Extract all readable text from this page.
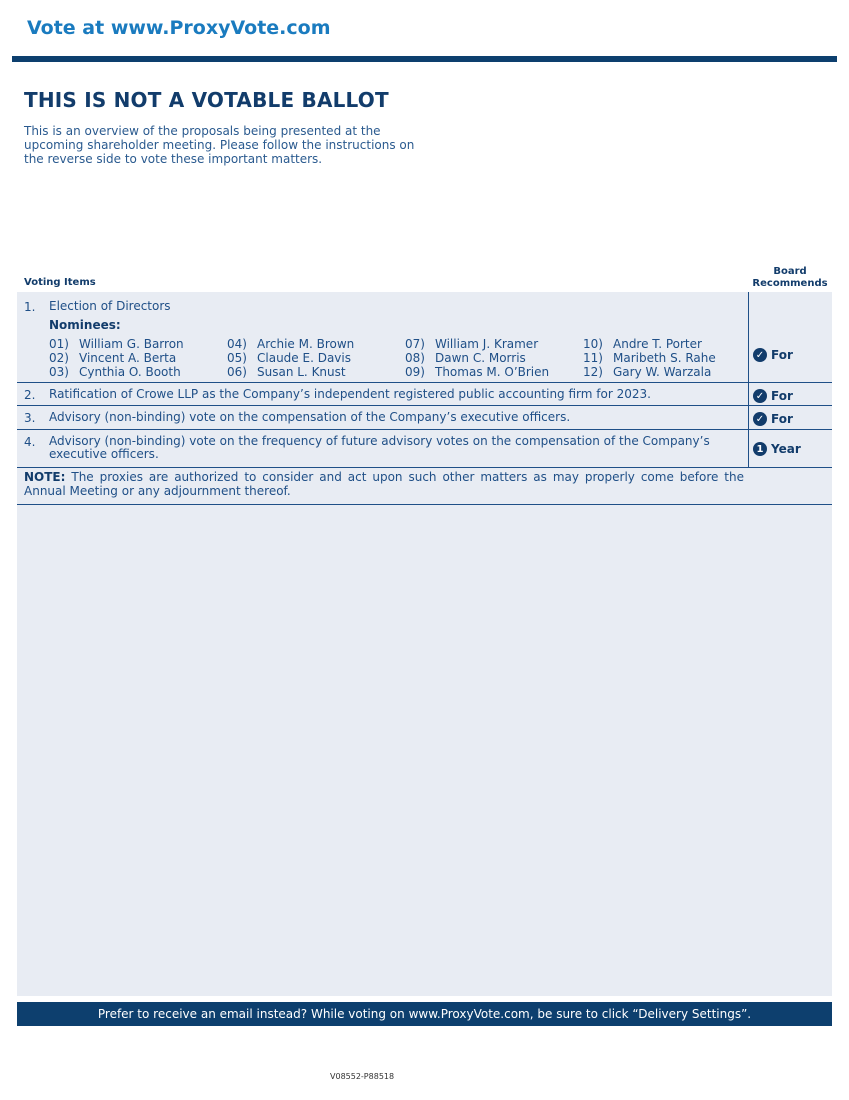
Vote at www.ProxyVote.com
THIS IS NOT A VOTABLE BALLOT
This is an overview of the proposals being presented at the upcoming shareholder meeting. Please follow the instructions on the reverse side to vote these important matters.
Voting Items
Board
Recommends
1. Election of Directors
Nominees:
01) William G. Barron
02) Vincent A. Berta
03) Cynthia O. Booth
04) Archie M. Brown
05) Claude E. Davis
06) Susan L. Knust
07) William J. Kramer
08) Dawn C. Morris
09) Thomas M. O’Brien
10) Andre T. Porter
11) Maribeth S. Rahe
12) Gary W. Warzala
✓ For
2. Ratification of Crowe LLP as the Company’s independent registered public accounting firm for 2023.	✓ For
3. Advisory (non-binding) vote on the compensation of the Company’s executive officers.	✓ For
4. Advisory (non-binding) vote on the frequency of future advisory votes on the compensation of the Company’s executive officers.	1 Year
NOTE: The proxies are authorized to consider and act upon such other matters as may properly come before the Annual Meeting or any adjournment thereof.
Prefer to receive an email instead? While voting on www.ProxyVote.com, be sure to click “Delivery Settings”.
V08552-P88518
